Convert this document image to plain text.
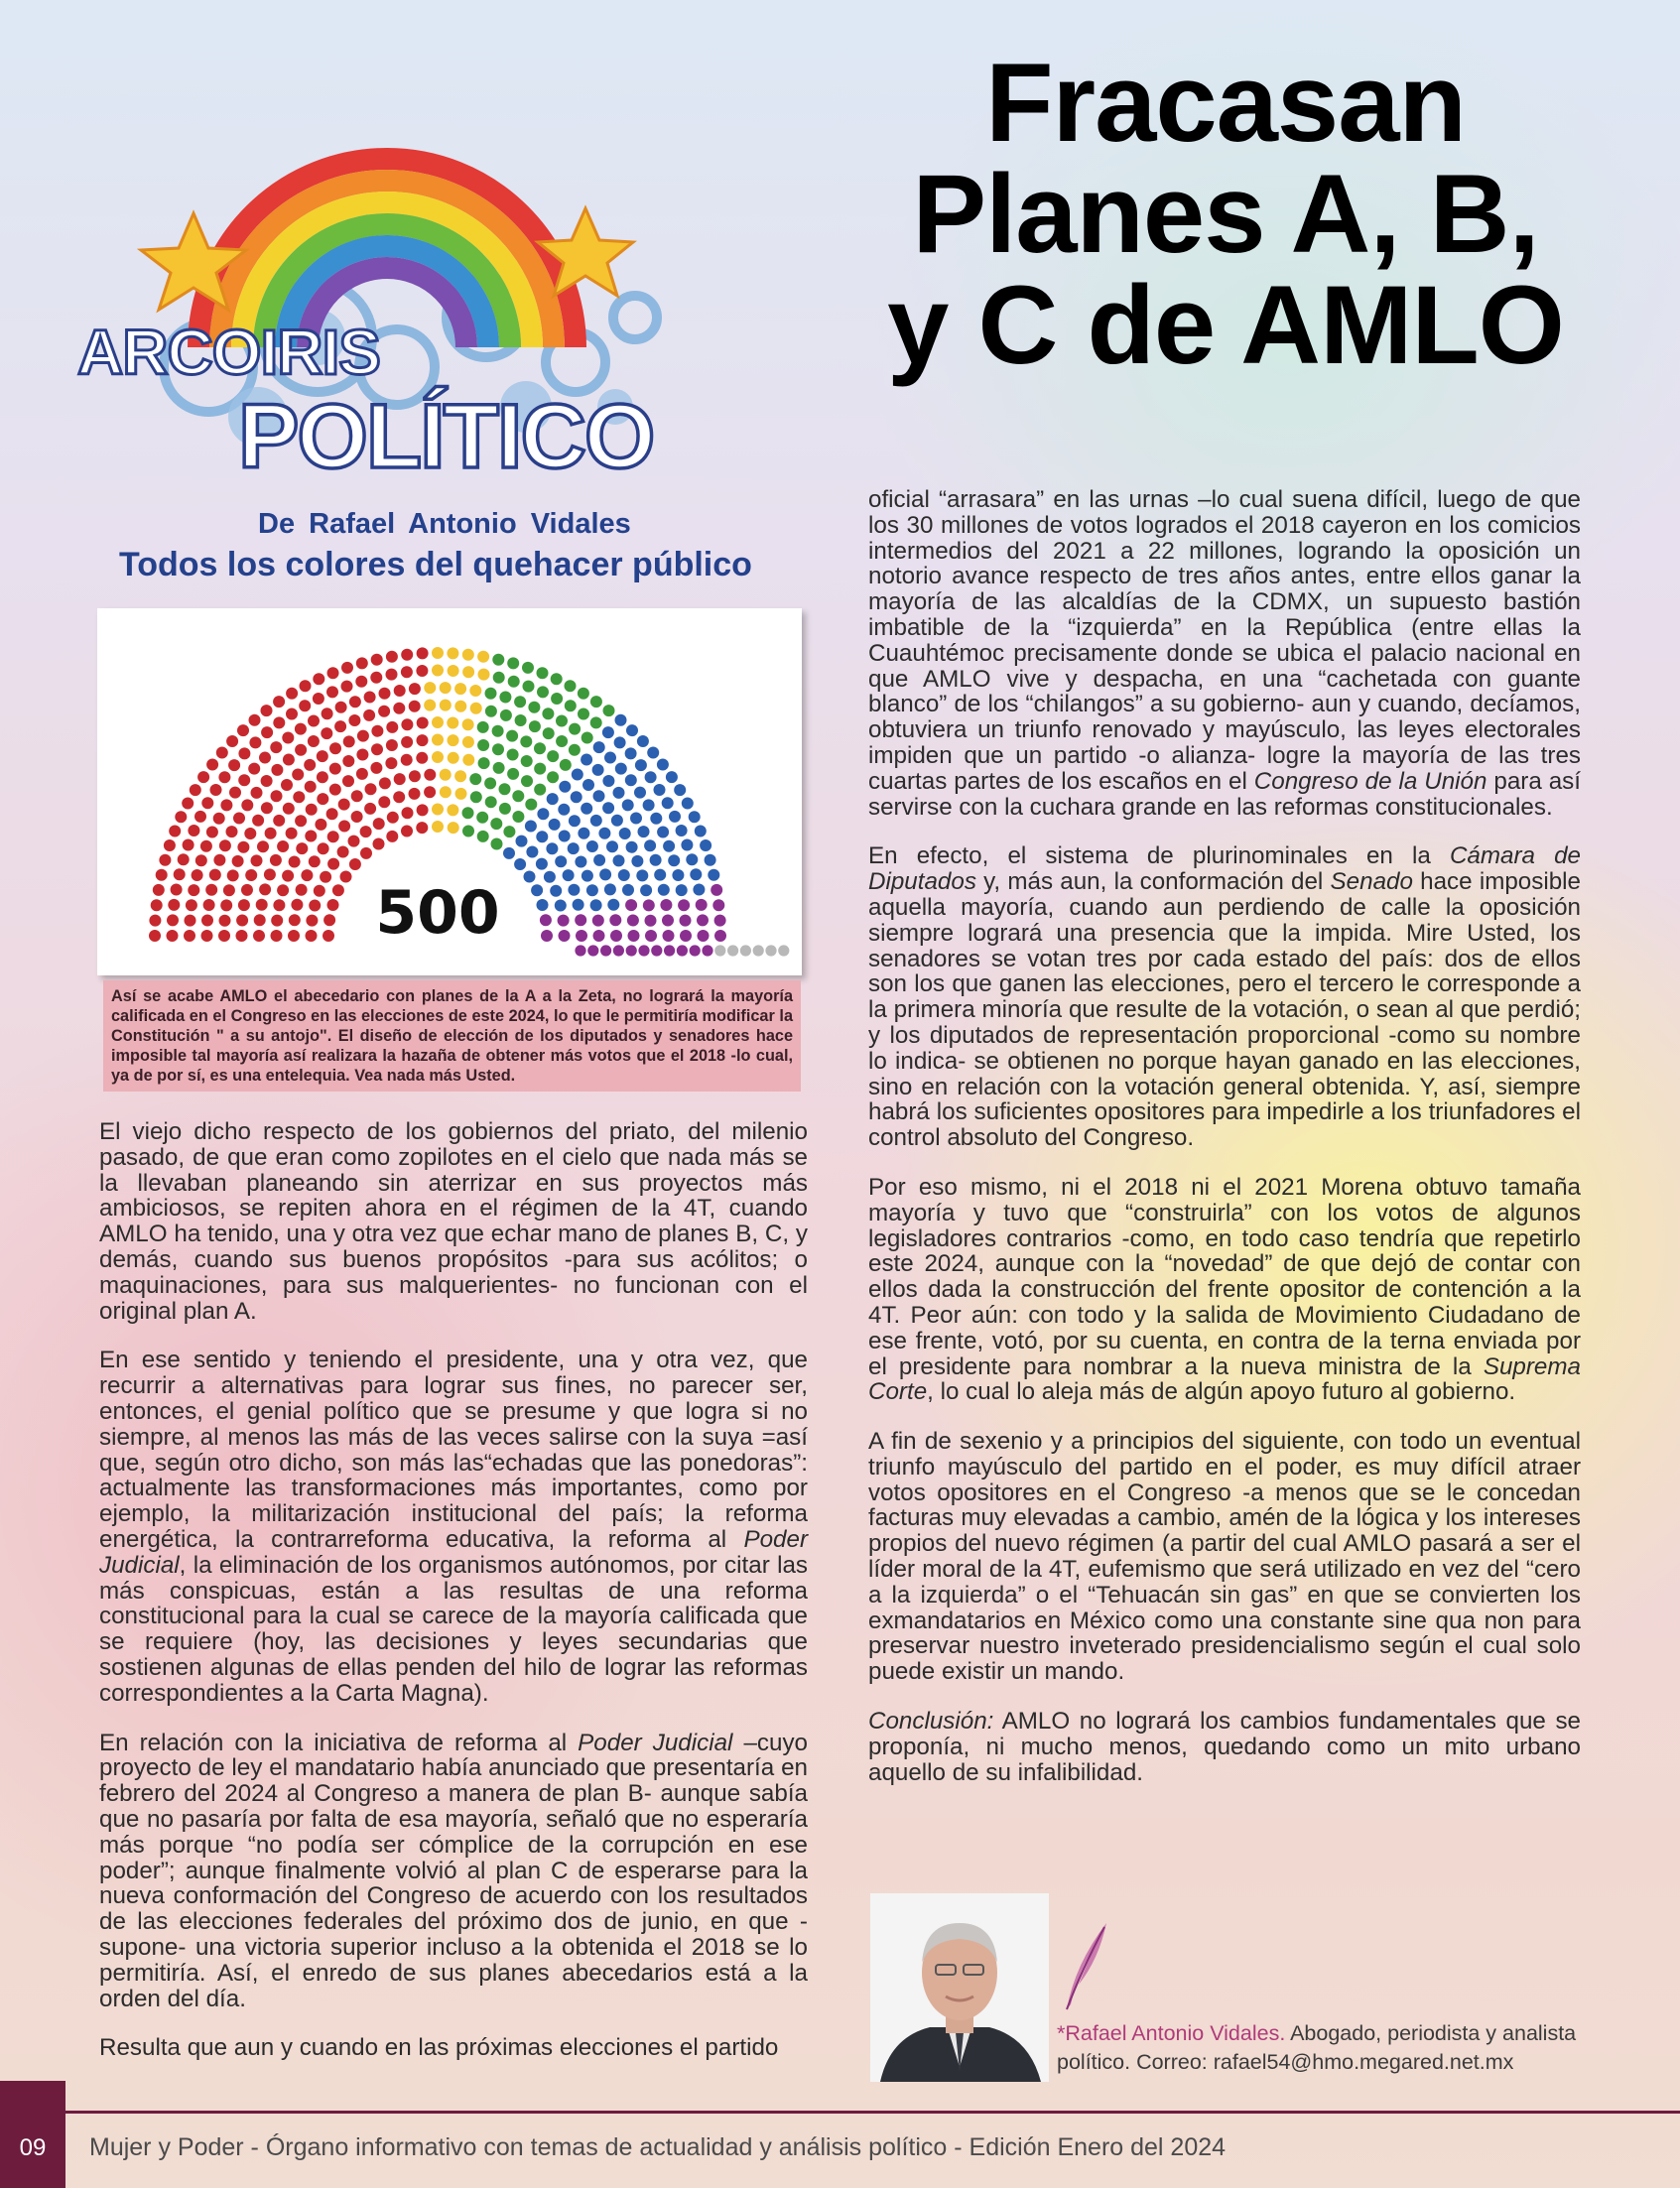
ARCOIRIS
POLÍTICO
De Rafael Antonio Vidales
Todos los colores del quehacer público
Fracasan
Planes A, B,
y C de AMLO
500
Así se acabe AMLO el abecedario con planes de la A a la Zeta, no logrará la mayoría calificada en el Congreso en las elecciones de este 2024, lo que le permitiría modificar la Constitución " a su antojo". El diseño de elección de los diputados y senadores hace imposible tal mayoría así realizara la hazaña de obtener más votos que el 2018 -lo cual, ya de por sí, es una entelequia. Vea nada más Usted.

El viejo dicho respecto de los gobiernos del priato, del milenio pasado, de que eran como zopilotes en el cielo que nada más se la llevaban planeando sin aterrizar en sus proyectos más ambiciosos, se repiten ahora en el régimen de la 4T, cuando AMLO ha tenido, una y otra vez que echar mano de planes B, C, y demás, cuando sus buenos propósitos -para sus acólitos; o maquinaciones, para sus malquerientes- no funcionan con el original plan A.

En ese sentido y teniendo el presidente, una y otra vez, que recurrir a alternativas para lograr sus fines, no parecer ser, entonces, el genial político que se presume y que logra si no siempre, al menos las más de las veces salirse con la suya =así que, según otro dicho, son más las“echadas que las ponedoras”: actualmente las transformaciones más importantes, como por ejemplo, la militarización institucional del país; la reforma energética, la contrarreforma educativa, la reforma al Poder Judicial, la eliminación de los organismos autónomos, por citar las más conspicuas, están a las resultas de una reforma constitucional para la cual se carece de la mayoría calificada que se requiere (hoy, las decisiones y leyes secundarias que sostienen algunas de ellas penden del hilo de lograr las reformas correspondientes a la Carta Magna).

En relación con la iniciativa de reforma al Poder Judicial –cuyo proyecto de ley el mandatario había anunciado que presentaría en febrero del 2024 al Congreso a manera de plan B- aunque sabía que no pasaría por falta de esa mayoría, señaló que no esperaría más porque “no podía ser cómplice de la corrupción en ese poder”; aunque finalmente volvió al plan C de esperarse para la nueva conformación del Congreso de acuerdo con los resultados de las elecciones federales del próximo dos de junio, en que -supone- una victoria superior incluso a la obtenida el 2018 se lo permitiría. Así, el enredo de sus planes abecedarios está a la orden del día.

Resulta que aun y cuando en las próximas elecciones el partido

oficial “arrasara” en las urnas –lo cual suena difícil, luego de que los 30 millones de votos logrados el 2018 cayeron en los comicios intermedios del 2021 a 22 millones, logrando la oposición un notorio avance respecto de tres años antes, entre ellos ganar la mayoría de las alcaldías de la CDMX, un supuesto bastión imbatible de la “izquierda” en la República (entre ellas la Cuauhtémoc precisamente donde se ubica el palacio nacional en que AMLO vive y despacha, en una “cachetada con guante blanco” de los “chilangos” a su gobierno- aun y cuando, decíamos, obtuviera un triunfo renovado y mayúsculo, las leyes electorales impiden que un partido -o alianza- logre la mayoría de las tres cuartas partes de los escaños en el Congreso de la Unión para así servirse con la cuchara grande en las reformas constitucionales.

En efecto, el sistema de plurinominales en la Cámara de Diputados y, más aun, la conformación del Senado hace imposible aquella mayoría, cuando aun perdiendo de calle la oposición siempre logrará una presencia que la impida. Mire Usted, los senadores se votan tres por cada estado del país: dos de ellos son los que ganen las elecciones, pero el tercero le corresponde a la primera minoría que resulte de la votación, o sean al que perdió; y los diputados de representación proporcional -como su nombre lo indica- se obtienen no porque hayan ganado en las elecciones, sino en relación con la votación general obtenida. Y, así, siempre habrá los suficientes opositores para impedirle a los triunfadores el control absoluto del Congreso.

Por eso mismo, ni el 2018 ni el 2021 Morena obtuvo tamaña mayoría y tuvo que “construirla” con los votos de algunos legisladores contrarios -como, en todo caso tendría que repetirlo este 2024, aunque con la “novedad” de que dejó de contar con ellos dada la construcción del frente opositor de contención a la 4T. Peor aún: con todo y la salida de Movimiento Ciudadano de ese frente, votó, por su cuenta, en contra de la terna enviada por el presidente para nombrar a la nueva ministra de la Suprema Corte, lo cual lo aleja más de algún apoyo futuro al gobierno.

A fin de sexenio y a principios del siguiente, con todo un eventual triunfo mayúsculo del partido en el poder, es muy difícil atraer votos opositores en el Congreso -a menos que se le concedan facturas muy elevadas a cambio, amén de la lógica y los intereses propios del nuevo régimen (a partir del cual AMLO pasará a ser el líder moral de la 4T, eufemismo que será utilizado en vez del “cero a la izquierda” o el “Tehuacán sin gas” en que se convierten los exmandatarios en México como una constante sine qua non para preservar nuestro inveterado presidencialismo según el cual solo puede existir un mando.

Conclusión: AMLO no logrará los cambios fundamentales que se proponía, ni mucho menos, quedando como un mito urbano aquello de su infalibilidad.

*Rafael Antonio Vidales. Abogado, periodista y analista político. Correo: rafael54@hmo.megared.net.mx
09	Mujer y Poder - Órgano informativo con temas de actualidad y análisis político - Edición Enero del 2024
